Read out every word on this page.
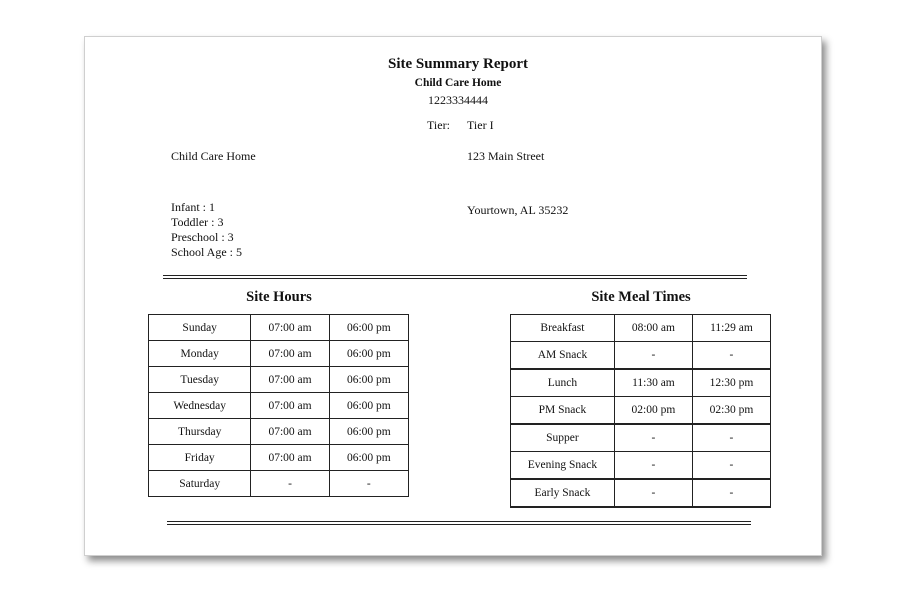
Site Summary Report
Child Care Home
1223334444
Tier: Tier I
Child Care Home	123 Main Street
Yourtown, AL 35232
Infant : 1
Toddler : 3
Preschool : 3
School Age : 5
Site Hours	Site Meal Times
Sunday	07:00 am	06:00 pm
Monday	07:00 am	06:00 pm
Tuesday	07:00 am	06:00 pm
Wednesday	07:00 am	06:00 pm
Thursday	07:00 am	06:00 pm
Friday	07:00 am	06:00 pm
Saturday	-	-
Breakfast	08:00 am	11:29 am
AM Snack	-	-
Lunch	11:30 am	12:30 pm
PM Snack	02:00 pm	02:30 pm
Supper	-	-
Evening Snack	-	-
Early Snack	-	-
